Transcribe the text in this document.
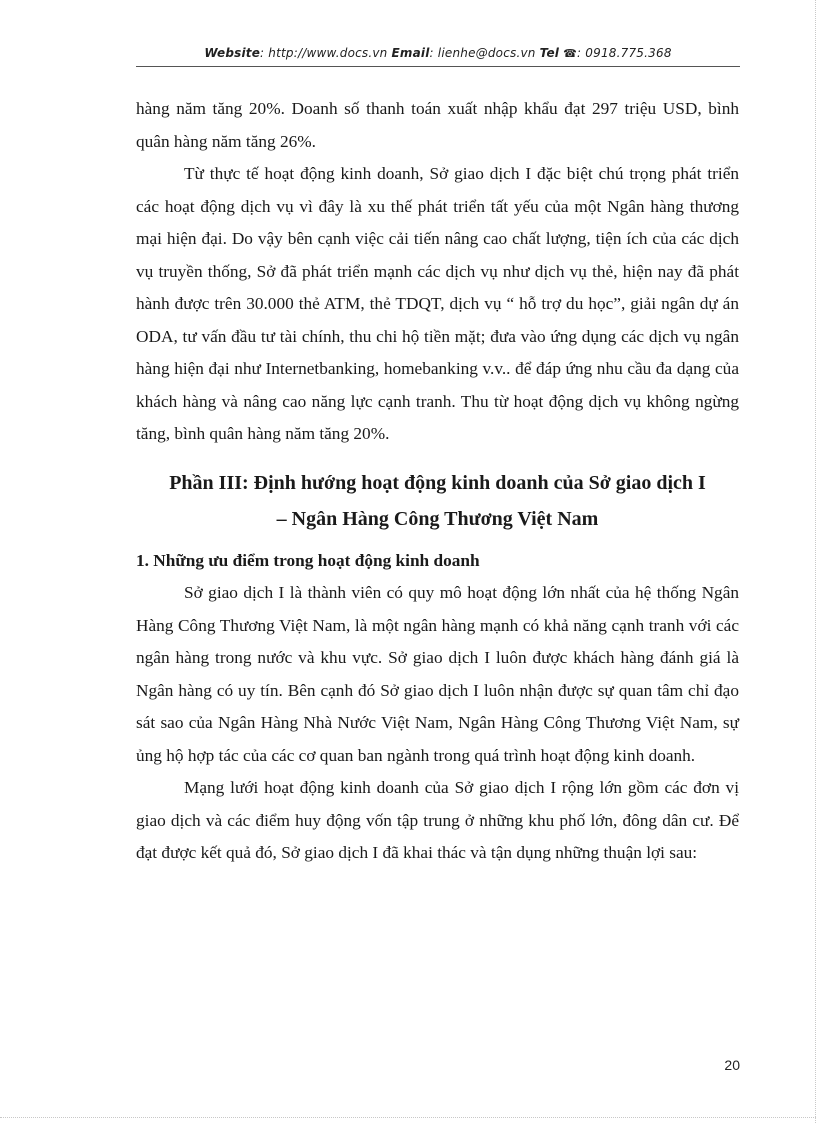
Website: http://www.docs.vn Email: lienhe@docs.vn Tel ☎: 0918.775.368

hàng năm tăng 20%. Doanh số thanh toán xuất nhập khẩu đạt 297 triệu USD, bình quân hàng năm tăng 26%.

Từ thực tế hoạt động kinh doanh, Sở giao dịch I đặc biệt chú trọng phát triển các hoạt động dịch vụ vì đây là xu thế phát triển tất yếu của một Ngân hàng thương mại hiện đại. Do vậy bên cạnh việc cải tiến nâng cao chất lượng, tiện ích của các dịch vụ truyền thống, Sở đã phát triển mạnh các dịch vụ như dịch vụ thẻ, hiện nay đã phát hành được trên 30.000 thẻ ATM, thẻ TDQT, dịch vụ “ hỗ trợ du học”, giải ngân dự án ODA, tư vấn đầu tư tài chính, thu chi hộ tiền mặt; đưa vào ứng dụng các dịch vụ ngân hàng hiện đại như Internetbanking, homebanking v.v.. để đáp ứng nhu cầu đa dạng của khách hàng và nâng cao năng lực cạnh tranh. Thu từ hoạt động dịch vụ không ngừng tăng, bình quân hàng năm tăng 20%.

Phần III: Định hướng hoạt động kinh doanh của Sở giao dịch I
– Ngân Hàng Công Thương Việt Nam

1. Những ưu điểm trong hoạt động kinh doanh

Sở giao dịch I là thành viên có quy mô hoạt động lớn nhất của hệ thống Ngân Hàng Công Thương Việt Nam, là một ngân hàng mạnh có khả năng cạnh tranh với các ngân hàng trong nước và khu vực. Sở giao dịch I luôn được khách hàng đánh giá là Ngân hàng có uy tín. Bên cạnh đó Sở giao dịch I luôn nhận được sự quan tâm chỉ đạo sát sao của Ngân Hàng Nhà Nước Việt Nam, Ngân Hàng Công Thương Việt Nam, sự ủng hộ hợp tác của các cơ quan ban ngành trong quá trình hoạt động kinh doanh.

Mạng lưới hoạt động kinh doanh của Sở giao dịch I rộng lớn gồm các đơn vị giao dịch và các điểm huy động vốn tập trung ở những khu phố lớn, đông dân cư. Để đạt được kết quả đó, Sở giao dịch I đã khai thác và tận dụng những thuận lợi sau:

20
